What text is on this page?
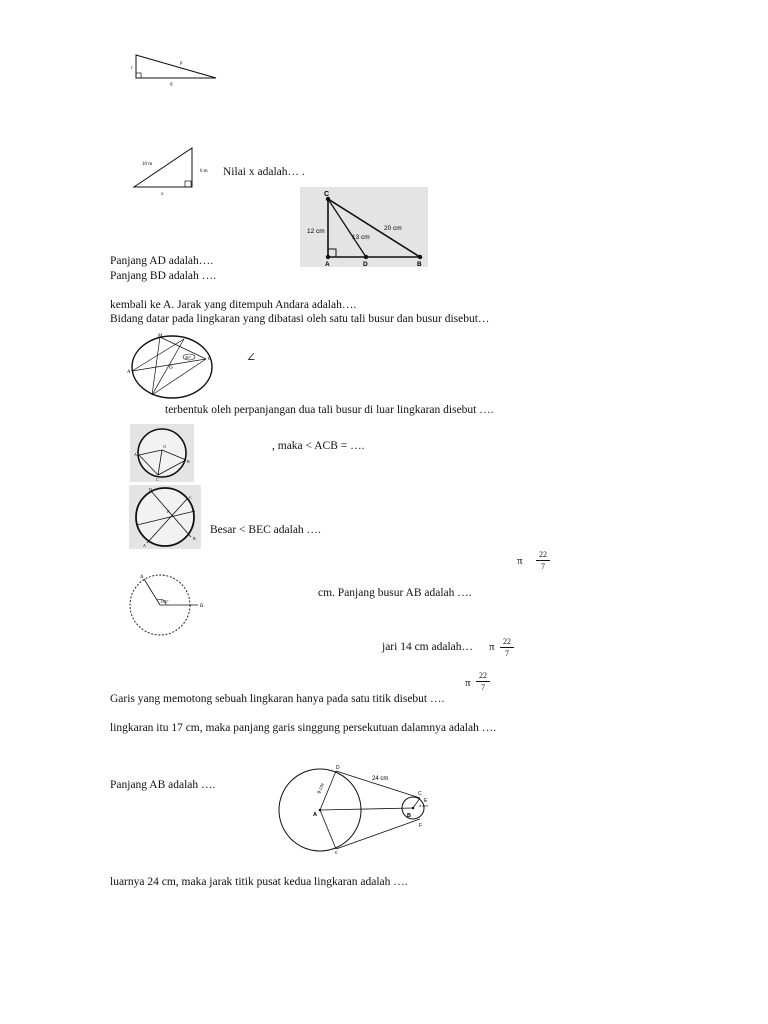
r
p
q
10 m
6 m
x
Nilai x adalah… .
C
12 cm
13 cm
20 cm
A	D	B
Panjang AD adalah….
Panjang BD adalah ….
kembali ke A. Jarak yang ditempuh Andara adalah….
Bidang datar pada lingkaran yang dibatasi oleh satu tali busur dan busur disebut…
M
40°	C
A
O
∠
terbentuk oleh perpanjangan dua tali busur di luar lingkaran disebut ….
A
O
B
C
, maka < ACB = ….
D
C
E
A
B
Besar < BEC adalah ….
π $\frac{22}{7}$
A
135°
B
cm. Panjang busur AB adalah ….
jari 14 cm adalah… π $\frac{22}{7}$
π $\frac{22}{7}$
Garis yang memotong sebuah lingkaran hanya pada satu titik disebut ….
lingkaran itu 17 cm, maka panjang garis singgung persekutuan dalamnya adalah ….
Panjang AB adalah ….
D
24 cm
9 cm	C
E
4 cm
A	B
F
c
luarnya 24 cm, maka jarak titik pusat kedua lingkaran adalah ….
